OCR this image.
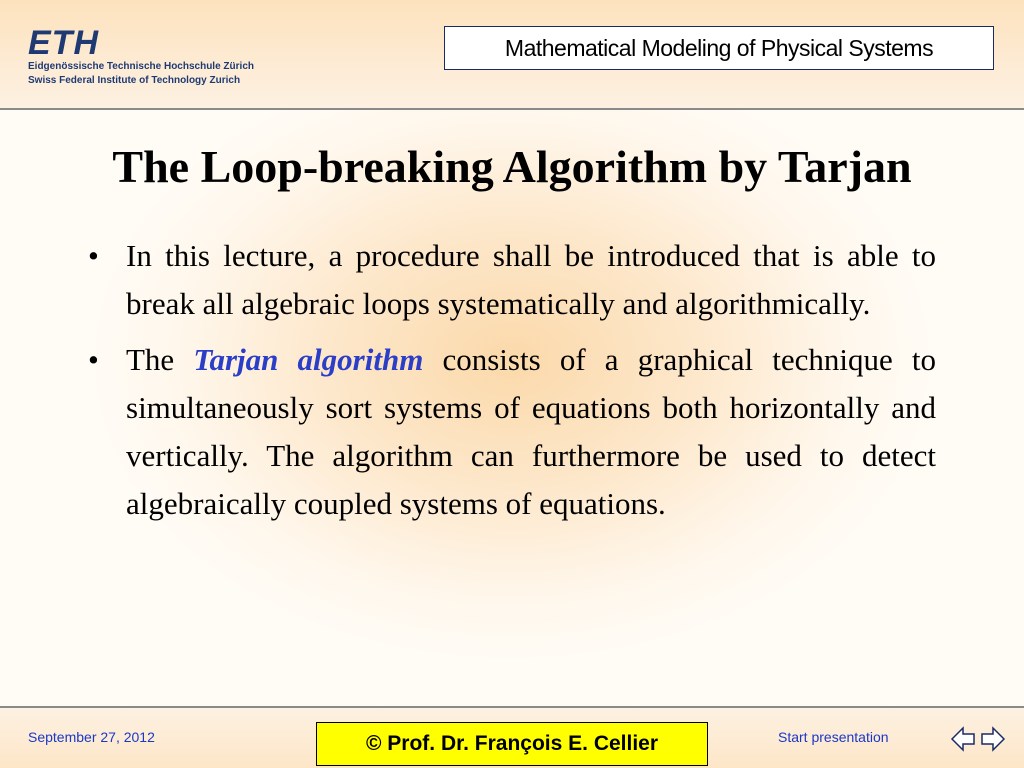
ETH
Eidgenössische Technische Hochschule Zürich
Swiss Federal Institute of Technology Zurich
Mathematical Modeling of Physical Systems
The Loop-breaking Algorithm by Tarjan
• In this lecture, a procedure shall be introduced that is able to break all algebraic loops systematically and algorithmically.
• The Tarjan algorithm consists of a graphical technique to simultaneously sort systems of equations both horizontally and vertically. The algorithm can furthermore be used to detect algebraically coupled systems of equations.
September 27, 2012	© Prof. Dr. François E. Cellier	Start presentation
